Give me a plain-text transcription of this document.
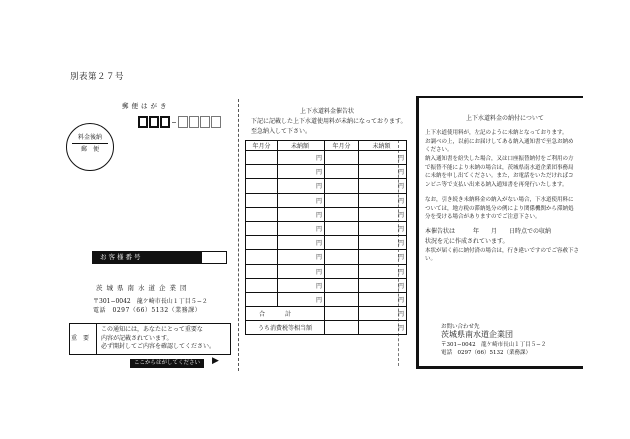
別表第２７号
郵便はがき
料金後納
郵　便
お客様番号
茨城県南水道企業団
〒301−0042　龍ケ崎市長山１丁目５−２
電話　0297（66）5132（業務課）
重要
この通知には，あなたにとって重要な
内容が記載されています。
必ず開封してご内容を確認してください。
ここからはがしてください	▶
上下水道料金催告状
下記に記載した上下水道使用料が未納になっております。
至急納入して下さい。
年月分	未納額	年月分	未納額
	円		円
	円		円
	円		円
	円		円
	円		円
	円		円
	円		円
	円		円
	円		円
	円		円
	円		円
合計			円
うち消費税等相当額			円
上下水道料金の納付について
上下水道使用料が，左記のように未納となっております。
お調べの上，以前にお届けしてある納入通知書で至急お納めください。
納入通知書を紛失した場合，又は口座振替納付をご利用の方で振替不能により未納の場合は，茨城県南水道企業団事務局に未納を申し出てください。また，お電話をいただければコンビニ等で支払い出来る納入通知書を再発行いたします。
なお，引き続き未納料金の納入がない場合，下水道使用料については，地方税の滞納処分の例により関係機関から滞納処分を受ける場合がありますのでご注意下さい。
本催告状は　　　年　　月　　日時点での収納
状況を元に作成されています。
本状が届く前に納付済の場合は，行き違いですのでご容赦下さい。
お問い合わせ先
茨城県南水道企業団
〒301−0042　龍ケ崎市長山１丁目５−２
電話　0297（66）5132（業務課）
